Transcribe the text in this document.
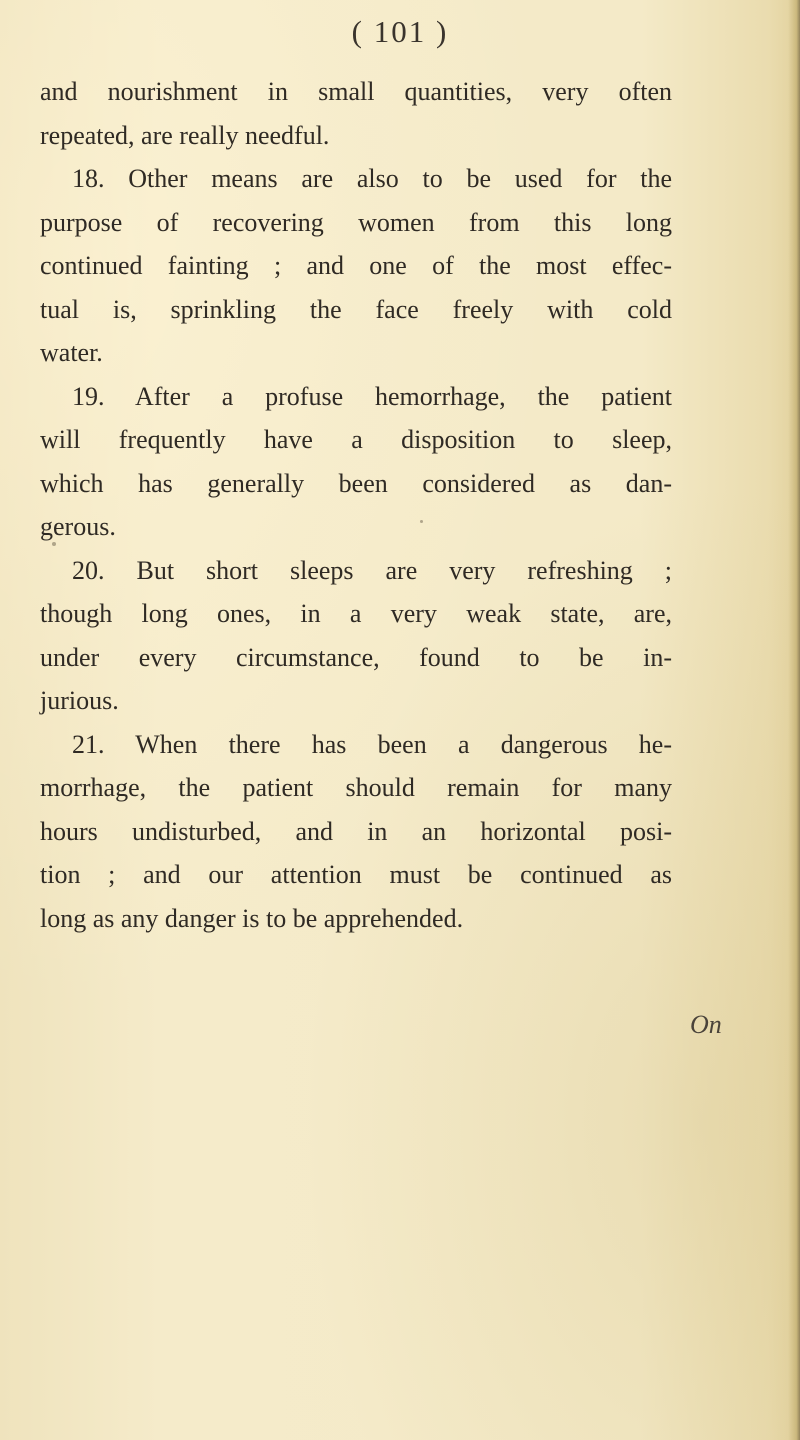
( 101 )
and nourishment in small quantities, very often
repeated, are really needful.
18. Other means are also to be used for the
purpose of recovering women from this long
continued fainting ; and one of the most effec-
tual is, sprinkling the face freely with cold
water.
19. After a profuse hemorrhage, the patient
will frequently have a disposition to sleep,
which has generally been considered as dan-
gerous.
20. But short sleeps are very refreshing ;
though long ones, in a very weak state, are,
under every circumstance, found to be in-
jurious.
21. When there has been a dangerous he-
morrhage, the patient should remain for many
hours undisturbed, and in an horizontal posi-
tion ; and our attention must be continued as
long as any danger is to be apprehended.
On
